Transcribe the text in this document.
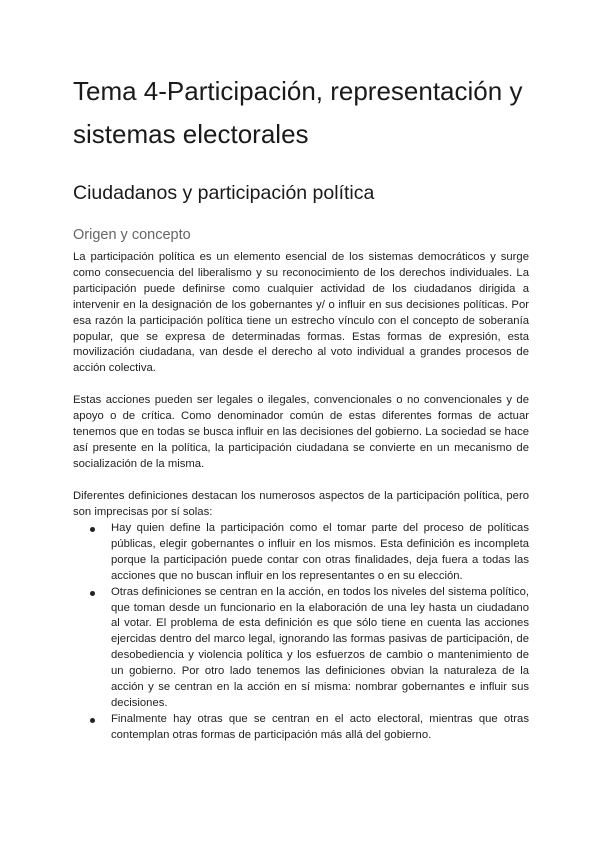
Tema 4-Participación, representación y sistemas electorales
Ciudadanos y participación política
Origen y concepto

La participación política es un elemento esencial de los sistemas democráticos y surge como consecuencia del liberalismo y su reconocimiento de los derechos individuales. La participación puede definirse como cualquier actividad de los ciudadanos dirigida a intervenir en la designación de los gobernantes y/ o influir en sus decisiones políticas. Por esa razón la participación política tiene un estrecho vínculo con el concepto de soberanía popular, que se expresa de determinadas formas. Estas formas de expresión, esta movilización ciudadana, van desde el derecho al voto individual a grandes procesos de acción colectiva.

Estas acciones pueden ser legales o ilegales, convencionales o no convencionales y de apoyo o de crítica. Como denominador común de estas diferentes formas de actuar tenemos que en todas se busca influir en las decisiones del gobierno. La sociedad se hace así presente en la política, la participación ciudadana se convierte en un mecanismo de socialización de la misma.

Diferentes definiciones destacan los numerosos aspectos de la participación política, pero son imprecisas por sí solas:

Hay quien define la participación como el tomar parte del proceso de políticas públicas, elegir gobernantes o influir en los mismos. Esta definición es incompleta porque la participación puede contar con otras finalidades, deja fuera a todas las acciones que no buscan influir en los representantes o en su elección.
Otras definiciones se centran en la acción, en todos los niveles del sistema político, que toman desde un funcionario en la elaboración de una ley hasta un ciudadano al votar. El problema de esta definición es que sólo tiene en cuenta las acciones ejercidas dentro del marco legal, ignorando las formas pasivas de participación, de desobediencia y violencia política y los esfuerzos de cambio o mantenimiento de un gobierno. Por otro lado tenemos las definiciones obvian la naturaleza de la acción y se centran en la acción en sí misma: nombrar gobernantes e influir sus decisiones.
Finalmente hay otras que se centran en el acto electoral, mientras que otras contemplan otras formas de participación más allá del gobierno.
